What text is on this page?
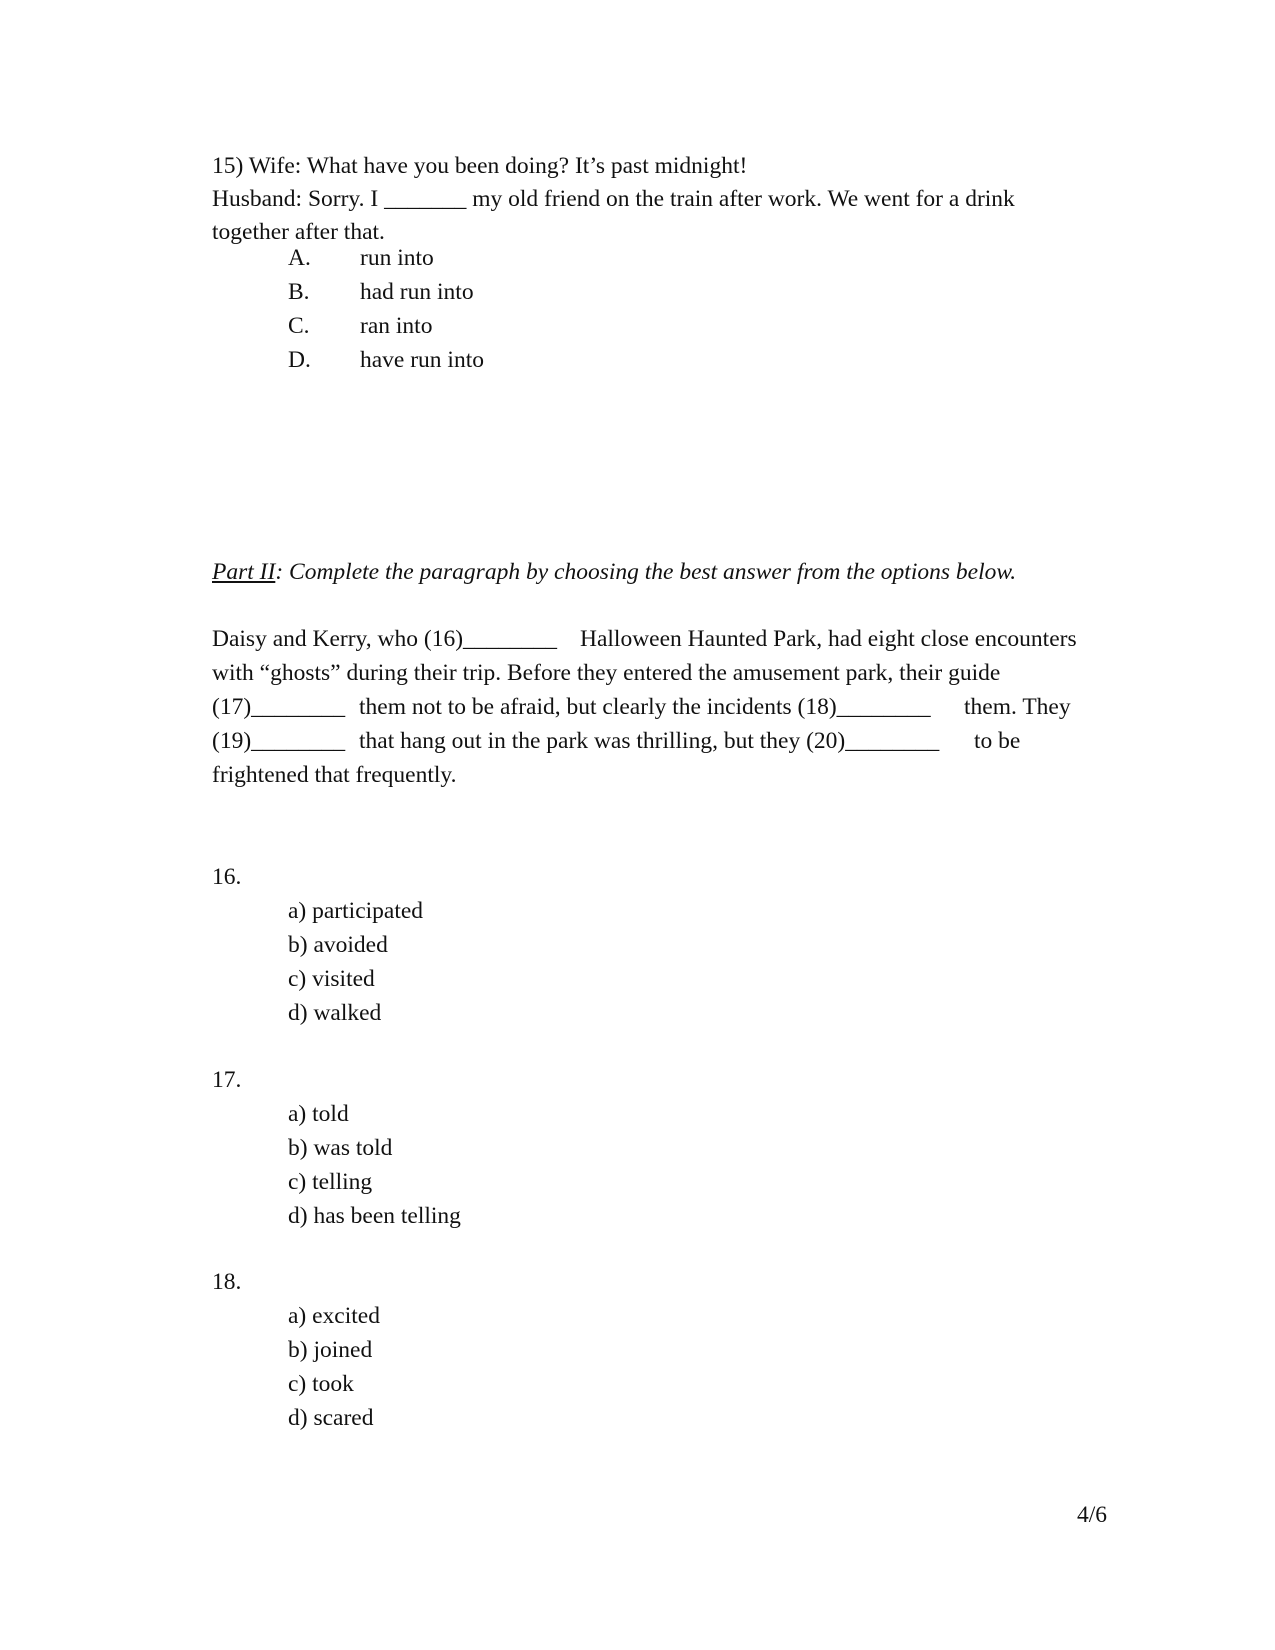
15) Wife: What have you been doing? It’s past midnight!

Husband: Sorry. I _______ my old friend on the train after work. We went for a drink

together after that.

A.	run into
B.	had run into
C.	ran into
D.	have run into
Part II: Complete the paragraph by choosing the best answer from the options below.
Daisy and Kerry, who (16)________ Halloween Haunted Park, had eight close encounters
with “ghosts” during their trip. Before they entered the amusement park, their guide
(17)________ them not to be afraid, but clearly the incidents (18)________ them. They
(19)________ that hang out in the park was thrilling, but they (20)________ to be
frightened that frequently.
16.
a) participated
b) avoided
c) visited
d) walked
17.
a) told
b) was told
c) telling
d) has been telling
18.
a) excited
b) joined
c) took
d) scared
4/6
